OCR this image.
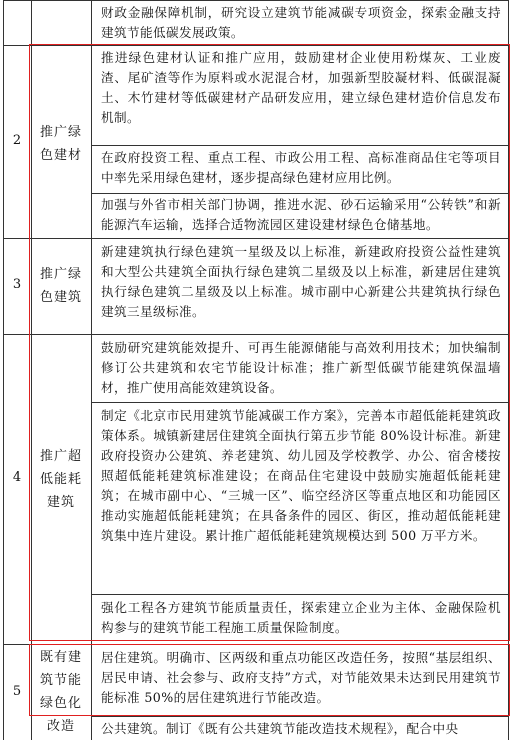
财政金融保障机制，研究设立建筑节能减碳专项资金，探索金融支持建筑节能低碳发展政策。
2
推广绿色建材
推进绿色建材认证和推广应用，鼓励建材企业使用粉煤灰、工业废渣、尾矿渣等作为原料或水泥混合材，加强新型胶凝材料、低碳混凝土、木竹建材等低碳建材产品研发应用，建立绿色建材造价信息发布机制。
在政府投资工程、重点工程、市政公用工程、高标准商品住宅等项目中率先采用绿色建材，逐步提高绿色建材应用比例。
加强与外省市相关部门协调，推进水泥、砂石运输采用“公转铁”和新能源汽车运输，选择合适物流园区建设建材绿色仓储基地。
3
推广绿色建筑
新建建筑执行绿色建筑一星级及以上标准，新建政府投资公益性建筑和大型公共建筑全面执行绿色建筑二星级及以上标准，新建居住建筑执行绿色建筑二星级及以上标准。城市副中心新建公共建筑执行绿色建筑三星级标准。
4
推广超低能耗建筑
鼓励研究建筑能效提升、可再生能源储能与高效利用技术；加快编制修订公共建筑和农宅节能设计标准；推广新型低碳节能建筑保温墙材，推广使用高能效建筑设备。
制定《北京市民用建筑节能减碳工作方案》，完善本市超低能耗建筑政策体系。城镇新建居住建筑全面执行第五步节能 80%设计标准。新建政府投资办公建筑、养老建筑、幼儿园及学校教学、办公、宿舍楼按照超低能耗建筑标准建设；在商品住宅建设中鼓励实施超低能耗建筑；在城市副中心、“三城一区”、临空经济区等重点地区和功能园区推动实施超低能耗建筑；在具备条件的园区、街区，推动超低能耗建筑集中连片建设。累计推广超低能耗建筑规模达到 500 万平方米。
强化工程各方建筑节能质量责任，探索建立企业为主体、金融保险机构参与的建筑节能工程施工质量保险制度。
5
既有建筑节能绿色化改造
居住建筑。明确市、区两级和重点功能区改造任务，按照“基层组织、居民申请、社会参与、政府支持”方式，对节能效果未达到民用建筑节能标准 50%的居住建筑进行节能改造。
公共建筑。制订《既有公共建筑节能改造技术规程》，配合中央
